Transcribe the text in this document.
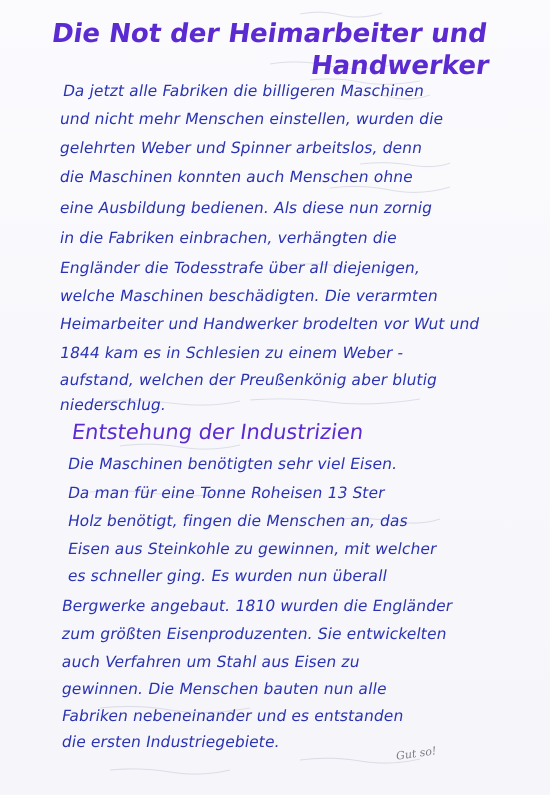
Die Not der Heimarbeiter und
Handwerker
Da jetzt alle Fabriken die billigeren Maschinen
und nicht mehr Menschen einstellen, wurden die
gelehrten Weber und Spinner arbeitslos, denn
die Maschinen konnten auch Menschen ohne
eine Ausbildung bedienen. Als diese nun zornig
in die Fabriken einbrachen, verhängten die
Engländer die Todesstrafe über all diejenigen,
welche Maschinen beschädigten. Die verarmten
Heimarbeiter und Handwerker brodelten vor Wut und
1844 kam es in Schlesien zu einem Weber -
aufstand, welchen der Preußenkönig aber blutig
niederschlug.
Entstehung der Industrizien
Die Maschinen benötigten sehr viel Eisen.
Da man für eine Tonne Roheisen 13 Ster
Holz benötigt, fingen die Menschen an, das
Eisen aus Steinkohle zu gewinnen, mit welcher
es schneller ging. Es wurden nun überall
Bergwerke angebaut. 1810 wurden die Engländer
zum größten Eisenproduzenten. Sie entwickelten
auch Verfahren um Stahl aus Eisen zu
gewinnen. Die Menschen bauten nun alle
Fabriken nebeneinander und es entstanden
die ersten Industriegebiete.
Gut so!
